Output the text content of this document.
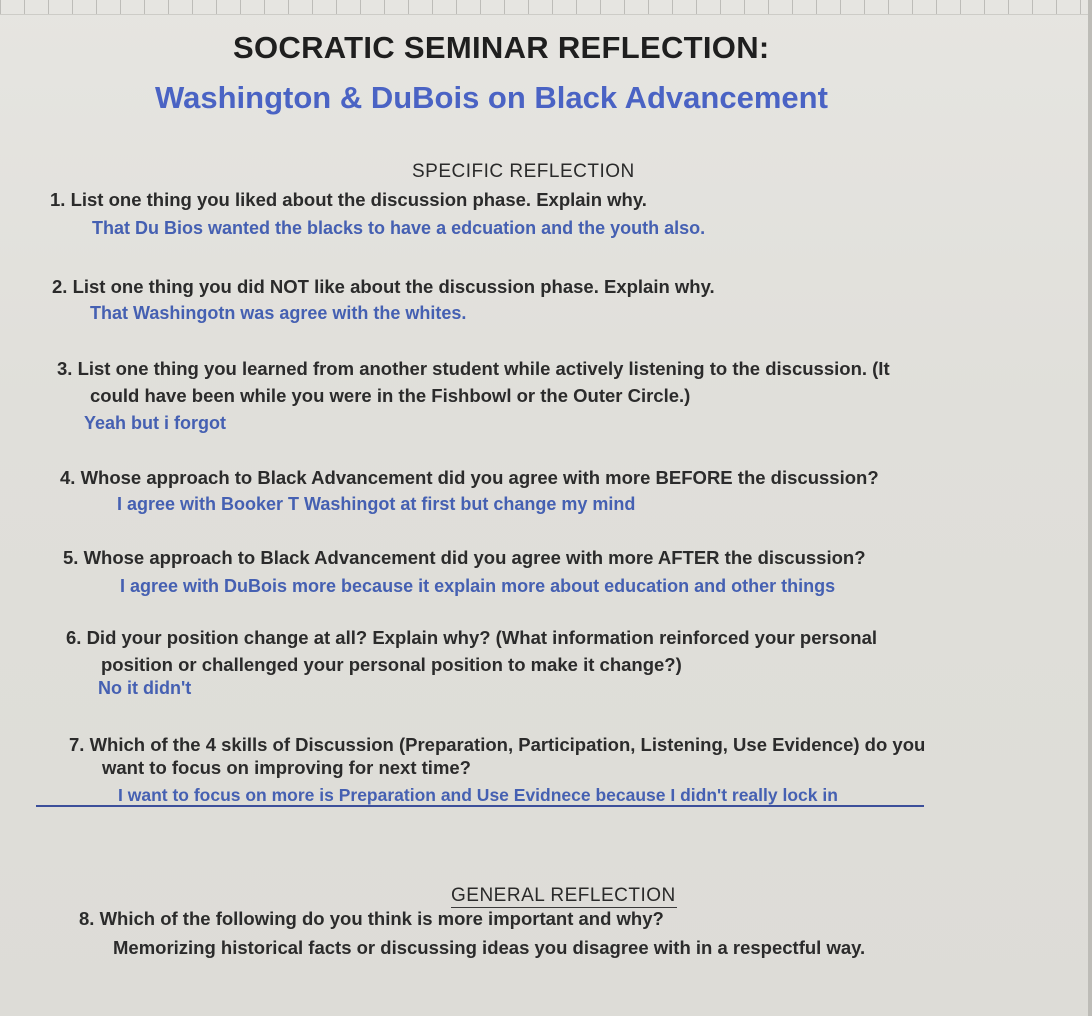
SOCRATIC SEMINAR REFLECTION:
Washington & DuBois on Black Advancement
SPECIFIC REFLECTION
1. List one thing you liked about the discussion phase. Explain why.
That Du Bios wanted the blacks to have a edcuation and the youth also.
2. List one thing you did NOT like about the discussion phase. Explain why.
That Washingotn was agree with the whites.
3. List one thing you learned from another student while actively listening to the discussion. (It
could have been while you were in the Fishbowl or the Outer Circle.)
Yeah but i forgot
4. Whose approach to Black Advancement did you agree with more BEFORE the discussion?
I agree with Booker T Washingot at first but change my mind
5. Whose approach to Black Advancement did you agree with more AFTER the discussion?
I agree with DuBois more because it explain more about education and other things
6. Did your position change at all? Explain why? (What information reinforced your personal
position or challenged your personal position to make it change?)
No it didn't
7. Which of the 4 skills of Discussion (Preparation, Participation, Listening, Use Evidence) do you
want to focus on improving for next time?
I want to focus on more is Preparation and Use Evidnece because I didn't really lock in
GENERAL REFLECTION
8. Which of the following do you think is more important and why?
Memorizing historical facts or discussing ideas you disagree with in a respectful way.
